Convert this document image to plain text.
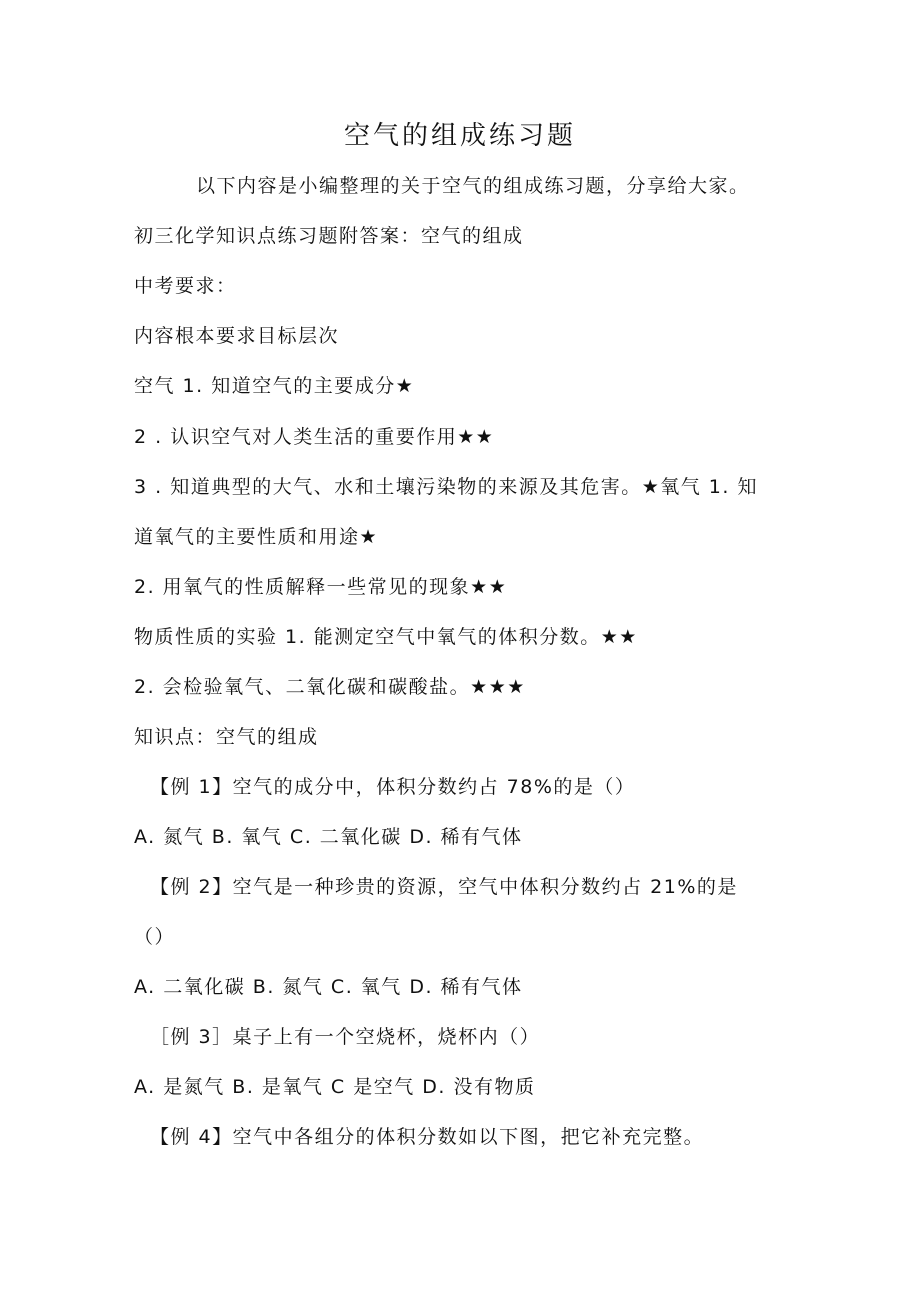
空气的组成练习题
以下内容是小编整理的关于空气的组成练习题，分享给大家。
初三化学知识点练习题附答案：空气的组成
中考要求：
内容根本要求目标层次
空气 1. 知道空气的主要成分★
2 . 认识空气对人类生活的重要作用★★
3 . 知道典型的大气、水和土壤污染物的来源及其危害。★氧气 1. 知
道氧气的主要性质和用途★
2. 用氧气的性质解释一些常见的现象★★
物质性质的实验 1. 能测定空气中氧气的体积分数。★★
2. 会检验氧气、二氧化碳和碳酸盐。★★★
知识点：空气的组成
【例 1】空气的成分中，体积分数约占 78%的是（）
A. 氮气 B. 氧气 C. 二氧化碳 D. 稀有气体
【例 2】空气是一种珍贵的资源，空气中体积分数约占 21%的是
（）
A. 二氧化碳 B. 氮气 C. 氧气 D. 稀有气体
［例 3］桌子上有一个空烧杯，烧杯内（）
A. 是氮气 B. 是氧气 C 是空气 D. 没有物质
【例 4】空气中各组分的体积分数如以下图，把它补充完整。
